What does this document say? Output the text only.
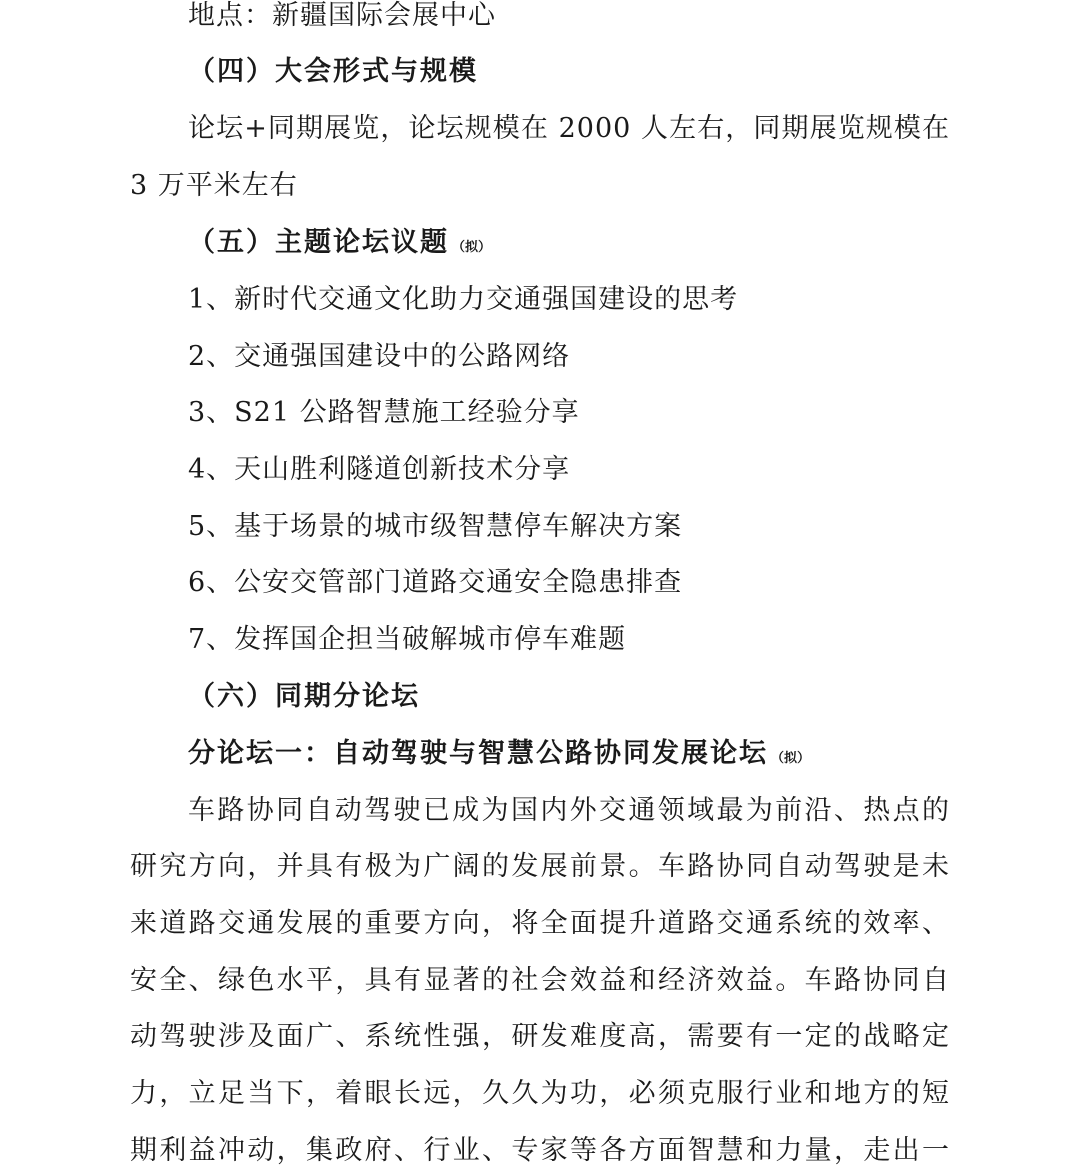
地点：新疆国际会展中心
（四）大会形式与规模
论坛+同期展览，论坛规模在 2000 人左右，同期展览规模在
3 万平米左右
（五）主题论坛议题 （拟）
1、新时代交通文化助力交通强国建设的思考
2、交通强国建设中的公路网络
3、S21 公路智慧施工经验分享
4、天山胜利隧道创新技术分享
5、基于场景的城市级智慧停车解决方案
6、公安交管部门道路交通安全隐患排查
7、发挥国企担当破解城市停车难题
（六）同期分论坛
分论坛一：自动驾驶与智慧公路协同发展论坛 （拟）
车路协同自动驾驶已成为国内外交通领域最为前沿、热点的
研究方向，并具有极为广阔的发展前景。车路协同自动驾驶是未
来道路交通发展的重要方向，将全面提升道路交通系统的效率、
安全、绿色水平，具有显著的社会效益和经济效益。车路协同自
动驾驶涉及面广、系统性强，研发难度高，需要有一定的战略定
力，立足当下，着眼长远，久久为功，必须克服行业和地方的短
期利益冲动，集政府、行业、专家等各方面智慧和力量，走出一
